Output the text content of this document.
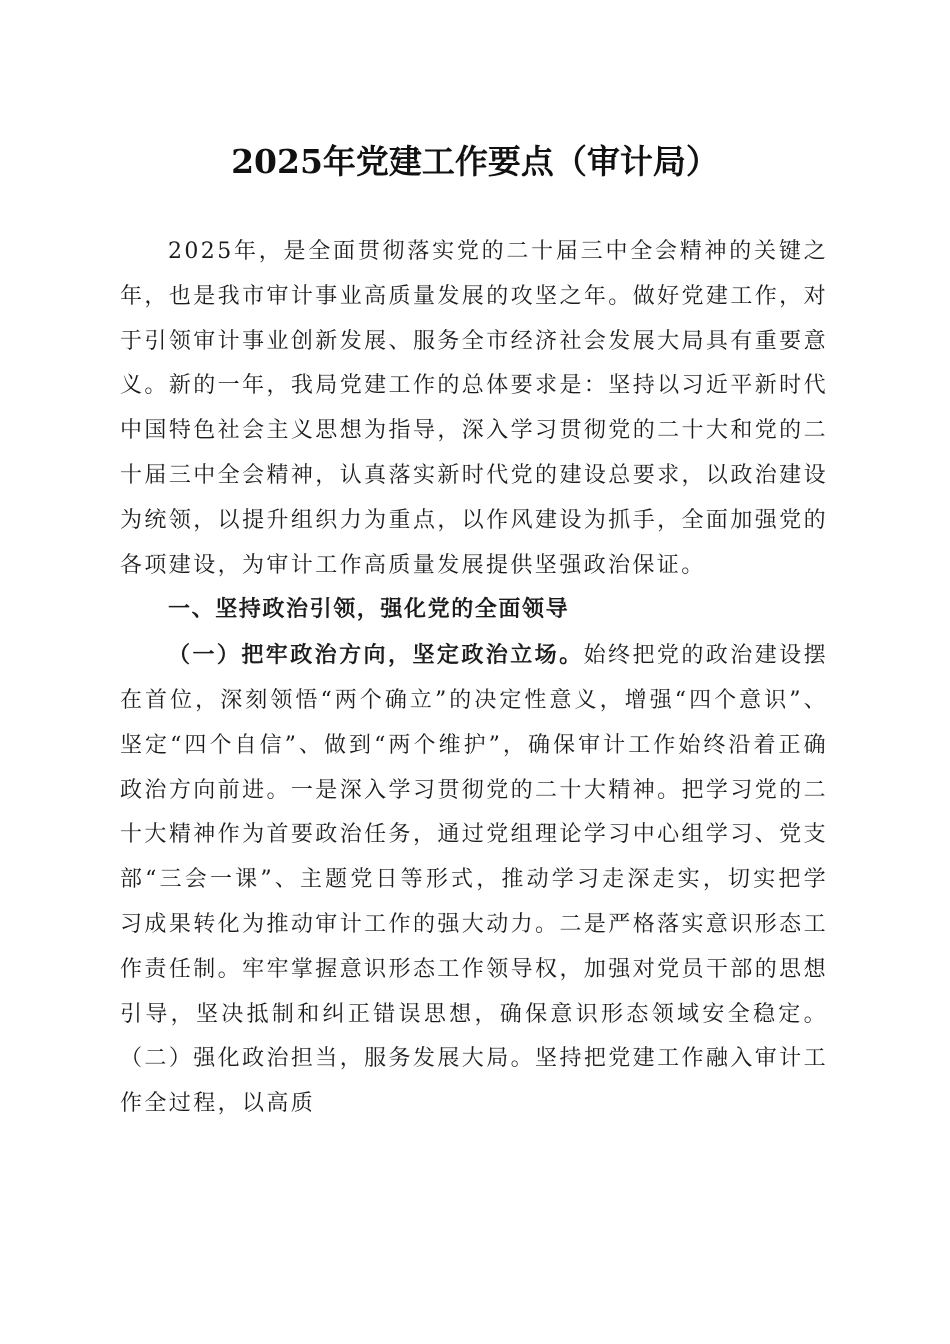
2025年党建工作要点（审计局）

2025年，是全面贯彻落实党的二十届三中全会精神的关键之年，也是我市审计事业高质量发展的攻坚之年。做好党建工作，对于引领审计事业创新发展、服务全市经济社会发展大局具有重要意义。新的一年，我局党建工作的总体要求是：坚持以习近平新时代中国特色社会主义思想为指导，深入学习贯彻党的二十大和党的二十届三中全会精神，认真落实新时代党的建设总要求，以政治建设为统领，以提升组织力为重点，以作风建设为抓手，全面加强党的各项建设，为审计工作高质量发展提供坚强政治保证。

一、坚持政治引领，强化党的全面领导

（一）把牢政治方向，坚定政治立场。始终把党的政治建设摆在首位，深刻领悟“两个确立”的决定性意义，增强“四个意识”、坚定“四个自信”、做到“两个维护”，确保审计工作始终沿着正确政治方向前进。一是深入学习贯彻党的二十大精神。把学习党的二十大精神作为首要政治任务，通过党组理论学习中心组学习、党支部“三会一课”、主题党日等形式，推动学习走深走实，切实把学习成果转化为推动审计工作的强大动力。二是严格落实意识形态工作责任制。牢牢掌握意识形态工作领导权，加强对党员干部的思想引导，坚决抵制和纠正错误思想，确保意识形态领域安全稳定。（二）强化政治担当，服务发展大局。坚持把党建工作融入审计工作全过程，以高质
